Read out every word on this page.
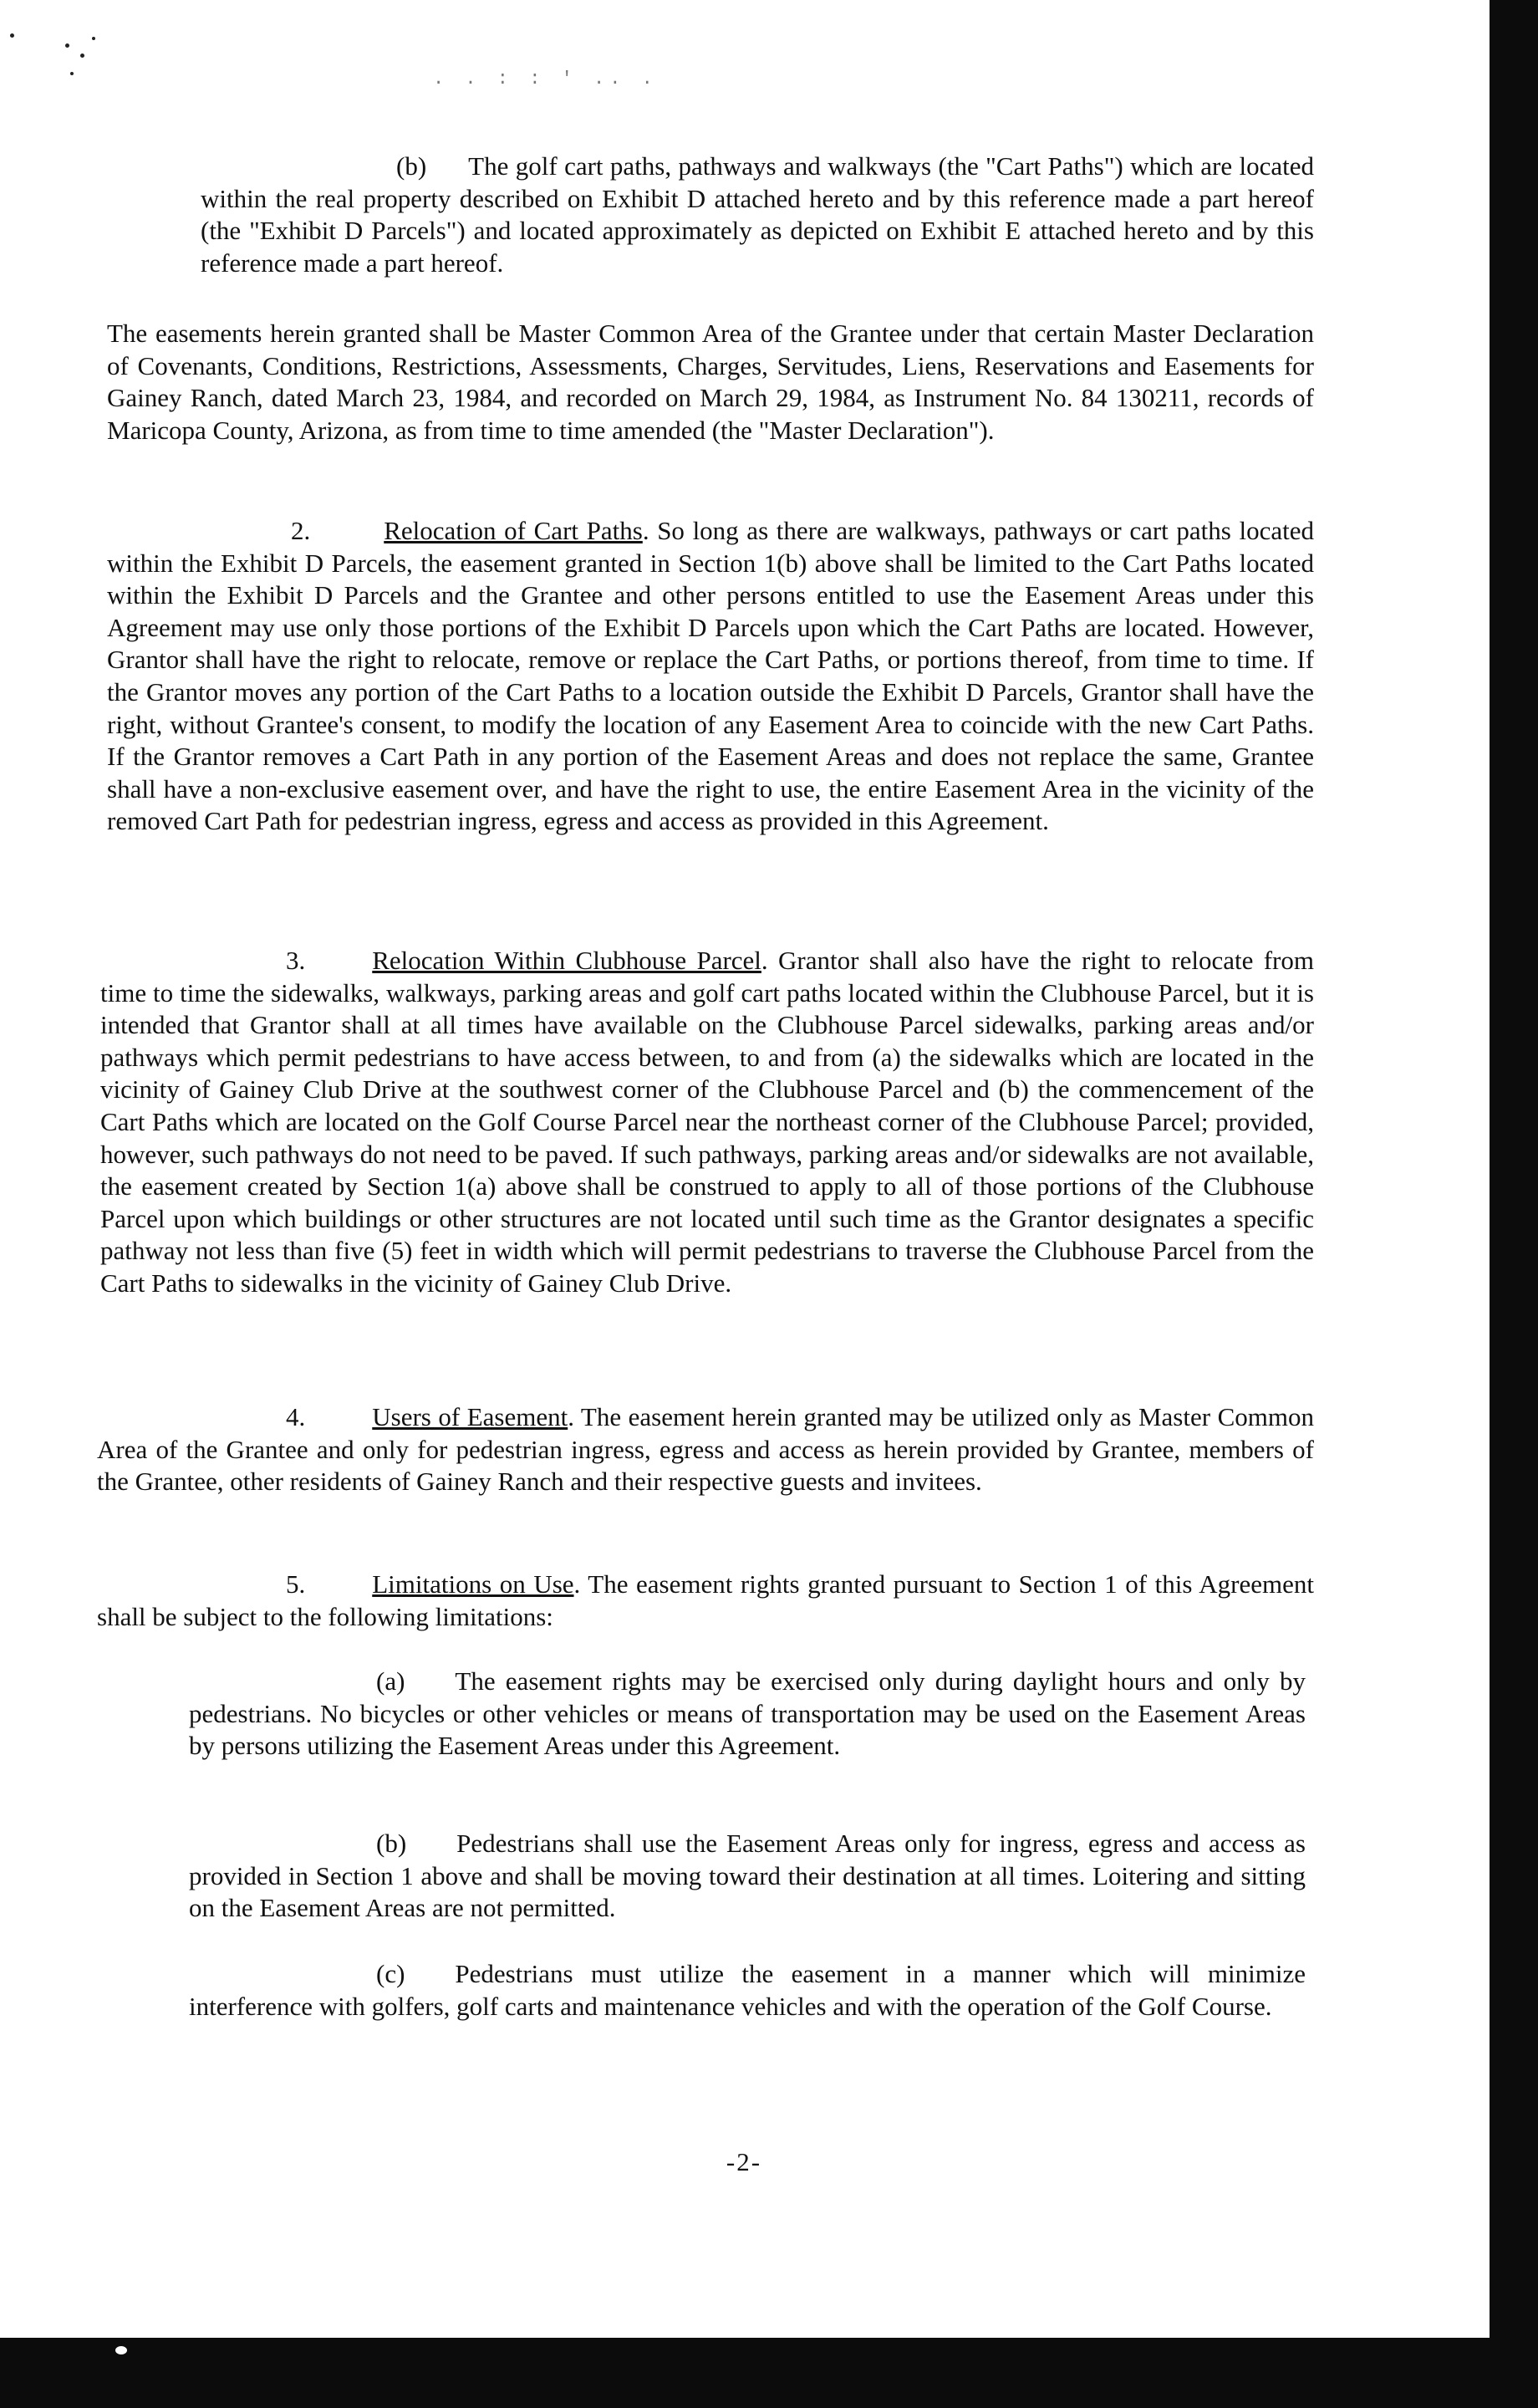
. . : : ' .. .

(b) The golf cart paths, pathways and walkways (the "Cart Paths") which are located within the real property described on Exhibit D attached hereto and by this reference made a part hereof (the "Exhibit D Parcels") and located approximately as depicted on Exhibit E attached hereto and by this reference made a part hereof.

The easements herein granted shall be Master Common Area of the Grantee under that certain Master Declaration of Covenants, Conditions, Restrictions, Assessments, Charges, Servitudes, Liens, Reservations and Easements for Gainey Ranch, dated March 23, 1984, and recorded on March 29, 1984, as Instrument No. 84 130211, records of Maricopa County, Arizona, as from time to time amended (the "Master Declaration").

2.	Relocation of Cart Paths. So long as there are walkways, pathways or cart paths located within the Exhibit D Parcels, the easement granted in Section 1(b) above shall be limited to the Cart Paths located within the Exhibit D Parcels and the Grantee and other persons entitled to use the Easement Areas under this Agreement may use only those portions of the Exhibit D Parcels upon which the Cart Paths are located. However, Grantor shall have the right to relocate, remove or replace the Cart Paths, or portions thereof, from time to time. If the Grantor moves any portion of the Cart Paths to a location outside the Exhibit D Parcels, Grantor shall have the right, without Grantee's consent, to modify the location of any Easement Area to coincide with the new Cart Paths. If the Grantor removes a Cart Path in any portion of the Easement Areas and does not replace the same, Grantee shall have a non-exclusive easement over, and have the right to use, the entire Easement Area in the vicinity of the removed Cart Path for pedestrian ingress, egress and access as provided in this Agreement.

3.	Relocation Within Clubhouse Parcel. Grantor shall also have the right to relocate from time to time the sidewalks, walkways, parking areas and golf cart paths located within the Clubhouse Parcel, but it is intended that Grantor shall at all times have available on the Clubhouse Parcel sidewalks, parking areas and/or pathways which permit pedestrians to have access between, to and from (a) the sidewalks which are located in the vicinity of Gainey Club Drive at the southwest corner of the Clubhouse Parcel and (b) the commencement of the Cart Paths which are located on the Golf Course Parcel near the northeast corner of the Clubhouse Parcel; provided, however, such pathways do not need to be paved. If such pathways, parking areas and/or sidewalks are not available, the easement created by Section 1(a) above shall be construed to apply to all of those portions of the Clubhouse Parcel upon which buildings or other structures are not located until such time as the Grantor designates a specific pathway not less than five (5) feet in width which will permit pedestrians to traverse the Clubhouse Parcel from the Cart Paths to sidewalks in the vicinity of Gainey Club Drive.

4.	Users of Easement. The easement herein granted may be utilized only as Master Common Area of the Grantee and only for pedestrian ingress, egress and access as herein provided by Grantee, members of the Grantee, other residents of Gainey Ranch and their respective guests and invitees.

5.	Limitations on Use. The easement rights granted pursuant to Section 1 of this Agreement shall be subject to the following limitations:

(a) The easement rights may be exercised only during daylight hours and only by pedestrians. No bicycles or other vehicles or means of transportation may be used on the Easement Areas by persons utilizing the Easement Areas under this Agreement.

(b) Pedestrians shall use the Easement Areas only for ingress, egress and access as provided in Section 1 above and shall be moving toward their destination at all times. Loitering and sitting on the Easement Areas are not permitted.

(c) Pedestrians must utilize the easement in a manner which will minimize interference with golfers, golf carts and maintenance vehicles and with the operation of the Golf Course.

-2-
